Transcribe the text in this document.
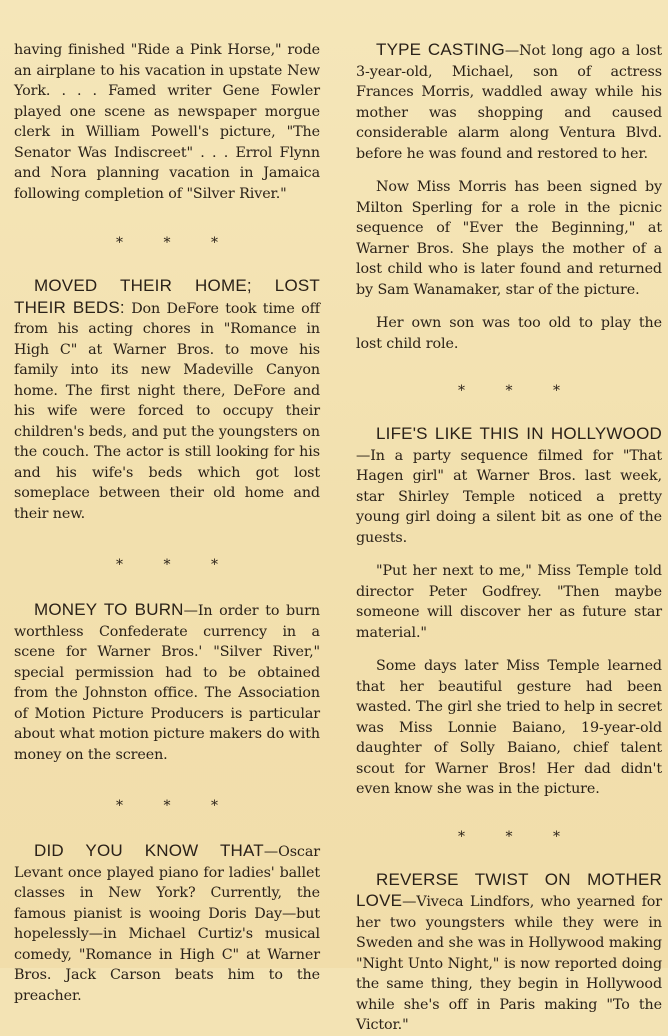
having finished "Ride a Pink Horse," rode an airplane to his vacation in upstate New York. . . . Famed writer Gene Fowler played one scene as newspaper morgue clerk in William Powell's picture, "The Senator Was Indiscreet" . . . Errol Flynn and Nora planning vacation in Jamaica following completion of "Silver River."

* * *

MOVED THEIR HOME; LOST THEIR BEDS: Don DeFore took time off from his acting chores in "Romance in High C" at Warner Bros. to move his family into its new Madeville Canyon home. The first night there, DeFore and his wife were forced to occupy their children's beds, and put the youngsters on the couch. The actor is still looking for his and his wife's beds which got lost someplace between their old home and their new.

* * *

MONEY TO BURN—In order to burn worthless Confederate currency in a scene for Warner Bros.' "Silver River," special permission had to be obtained from the Johnston office. The Association of Motion Picture Producers is particular about what motion picture makers do with money on the screen.

* * *

DID YOU KNOW THAT—Oscar Levant once played piano for ladies' ballet classes in New York? Currently, the famous pianist is wooing Doris Day—but hopelessly—in Michael Curtiz's musical comedy, "Romance in High C" at Warner Bros. Jack Carson beats him to the preacher.

TYPE CASTING—Not long ago a lost 3-year-old, Michael, son of actress Frances Morris, waddled away while his mother was shopping and caused considerable alarm along Ventura Blvd. before he was found and restored to her.

Now Miss Morris has been signed by Milton Sperling for a role in the picnic sequence of "Ever the Beginning," at Warner Bros. She plays the mother of a lost child who is later found and returned by Sam Wanamaker, star of the picture.

Her own son was too old to play the lost child role.

* * *

LIFE'S LIKE THIS IN HOLLYWOOD—In a party sequence filmed for "That Hagen girl" at Warner Bros. last week, star Shirley Temple noticed a pretty young girl doing a silent bit as one of the guests.

"Put her next to me," Miss Temple told director Peter Godfrey. "Then maybe someone will discover her as future star material."

Some days later Miss Temple learned that her beautiful gesture had been wasted. The girl she tried to help in secret was Miss Lonnie Baiano, 19-year-old daughter of Solly Baiano, chief talent scout for Warner Bros! Her dad didn't even know she was in the picture.

* * *

REVERSE TWIST ON MOTHER LOVE—Viveca Lindfors, who yearned for her two youngsters while they were in Sweden and she was in Hollywood making "Night Unto Night," is now reported doing the same thing, they begin in Hollywood while she's off in Paris making "To the Victor."
